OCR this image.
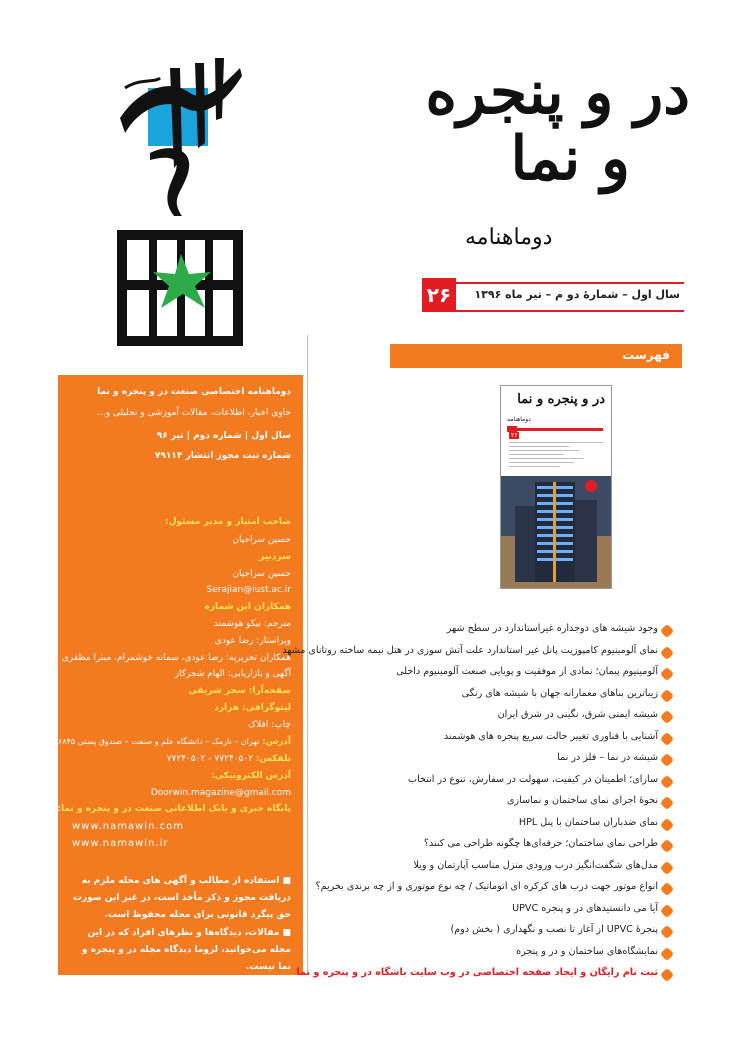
در و پنجره
و نما
دوماهنامه
۲۶	سال اول – شمارهٔ دو م – تیر ماه ۱۳۹۶
دوماهنامه اختصاصی صنعت در و پنجره و نما
حاوی اخبار، اطلاعات، مقالات آموزشی و تحلیلی و...
سال اول | شماره دوم | تیر ۹۶
شماره ثبت مجوز انتشار ۷۹۱۱۴
صاحب امتیاز و مدیر مسئول:
حسین سراجیان
سردبیر
حسین سراجیان
Serajian@iust.ac.ir
همکاران این شماره
مترجم: نیکو هوشمند
ویراستار: رضا عودی
همکاران تحریریه: رضا عودی، سمانه خوشمرام، میترا مظفری
آگهی و بازاریابی: الهام شجرکار
صفحه‌آرا: سحر شریفی
لیتوگرافی: هزارد
چاپ: افلاک
آدرس: تهران – نارمک – دانشگاه علم و صنعت – صندوق پستی ۱۶۸۴۵-۱۳۵
تلفکس: ۷۷۲۴۰۵۰۲ - ۷۷۲۴۰۵۰۲
آدرس الکترونیکی:
Doorwin.magazine@gmail.com
پایگاه خبری و بانک اطلاعاتی صنعت در و پنجره و نما:
www.namawin.com
www.namawin.ir
■ استفاده از مطالب و آگهی های مجله ملزم به دریافت مجوز و ذکر مأخذ است، در غیر این صورت حق پیگرد قانونی برای مجله محفوظ است.
■ مقالات، دیدگاه‌ها و نظرهای افراد که در این مجله می‌خوانید، لزوما دیدگاه مجله در و پنجره و نما نیست.
فهرست
در و پنجره و نما
دوماهنامه
۲۶
وجود شیشه های دوجداره غیراستاندارد در سطح شهر
نمای آلومینیوم کامپوزیت پانل غیر استاندارد علت آتش سوزی در هتل نیمه ساخته روتانای مشهد
آلومینیوم پیمان؛ نمادی از موفقیت و پویایی صنعت آلومینیوم داخلی
زیباترین بناهای معمارانه جهان با شیشه های رنگی
شیشه ایمنی شرق، نگینی در شرق ایران
آشنایی با فناوری تغییر حالت سریع پنجره های هوشمند
شیشه در نما – فلز در نما
سازای؛ اطمینان در کیفیت، سهولت در سفارش، تنوع در انتخاب
نحوهٔ اجرای نمای ساختمان و نماسازی
نمای ضدباران ساختمان با پنل HPL
طراحی نمای ساختمان؛ حرفه‌ای‌ها چگونه طراحی می کنند؟
مدل‌های شگفت‌انگیز درب ورودی منزل مناسب آپارتمان و ویلا
انواع موتور جهت درب های کرکره ای اتوماتیک / چه نوع موتوری و از چه برندی بخریم؟
آیا می دانستیدهای در و پنجره UPVC
پنجرهٔ UPVC از آغاز تا نصب و نگهداری ( بخش دوم)
نمایشگاه‌های ساختمان و در و پنجره
ثبت نام رایگان و ایجاد صفحه اختصاصی در وب سایت باشگاه در و پنجره و نما
